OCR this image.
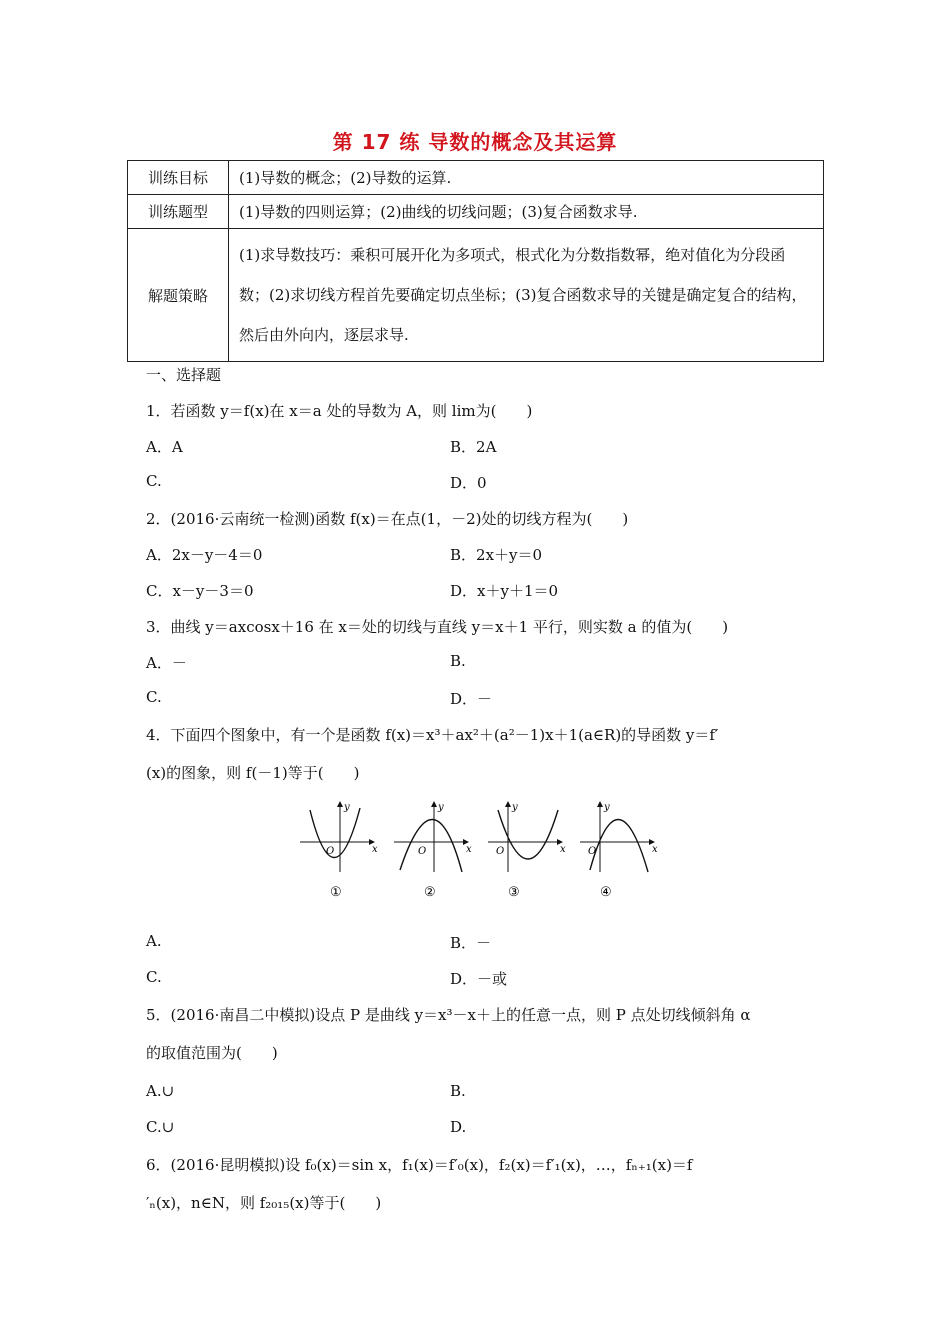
第 17 练 导数的概念及其运算
训练目标	(1)导数的概念；(2)导数的运算.
训练题型	(1)导数的四则运算；(2)曲线的切线问题；(3)复合函数求导.
解题策略	(1)求导数技巧：乘积可展开化为多项式，根式化为分数指数幂，绝对值化为分段函数；(2)求切线方程首先要确定切点坐标；(3)复合函数求导的关键是确定复合的结构，然后由外向内，逐层求导.
一、选择题
1．若函数 y＝f(x)在 x＝a 处的导数为 A，则 lim为(　　)
A．A	B．2A
C.	D．0
2．(2016·云南统一检测)函数 f(x)＝在点(1，－2)处的切线方程为(　　)
A．2x－y－4＝0	B．2x＋y＝0
C．x－y－3＝0	D．x＋y＋1＝0
3．曲线 y＝axcosx＋16 在 x＝处的切线与直线 y＝x＋1 平行，则实数 a 的值为(　　)
A．－	B.
C.	D．－
4．下面四个图象中，有一个是函数 f(x)＝x³＋ax²＋(a²－1)x＋1(a∈R)的导函数 y＝f′
(x)的图象，则 f(－1)等于(　　)
y
x
O
①
y
x
O
②
y
x
O
③
y
x
O
④
A.	B．－
C.	D．－或
5．(2016·南昌二中模拟)设点 P 是曲线 y＝x³－x＋上的任意一点，则 P 点处切线倾斜角 α
的取值范围为(　　)
A.∪	B.
C.∪	D.
6．(2016·昆明模拟)设 f₀(x)＝sin x，f₁(x)＝f′₀(x)，f₂(x)＝f′₁(x)，…，fₙ₊₁(x)＝f
′ₙ(x)，n∈N，则 f₂₀₁₅(x)等于(　　)
